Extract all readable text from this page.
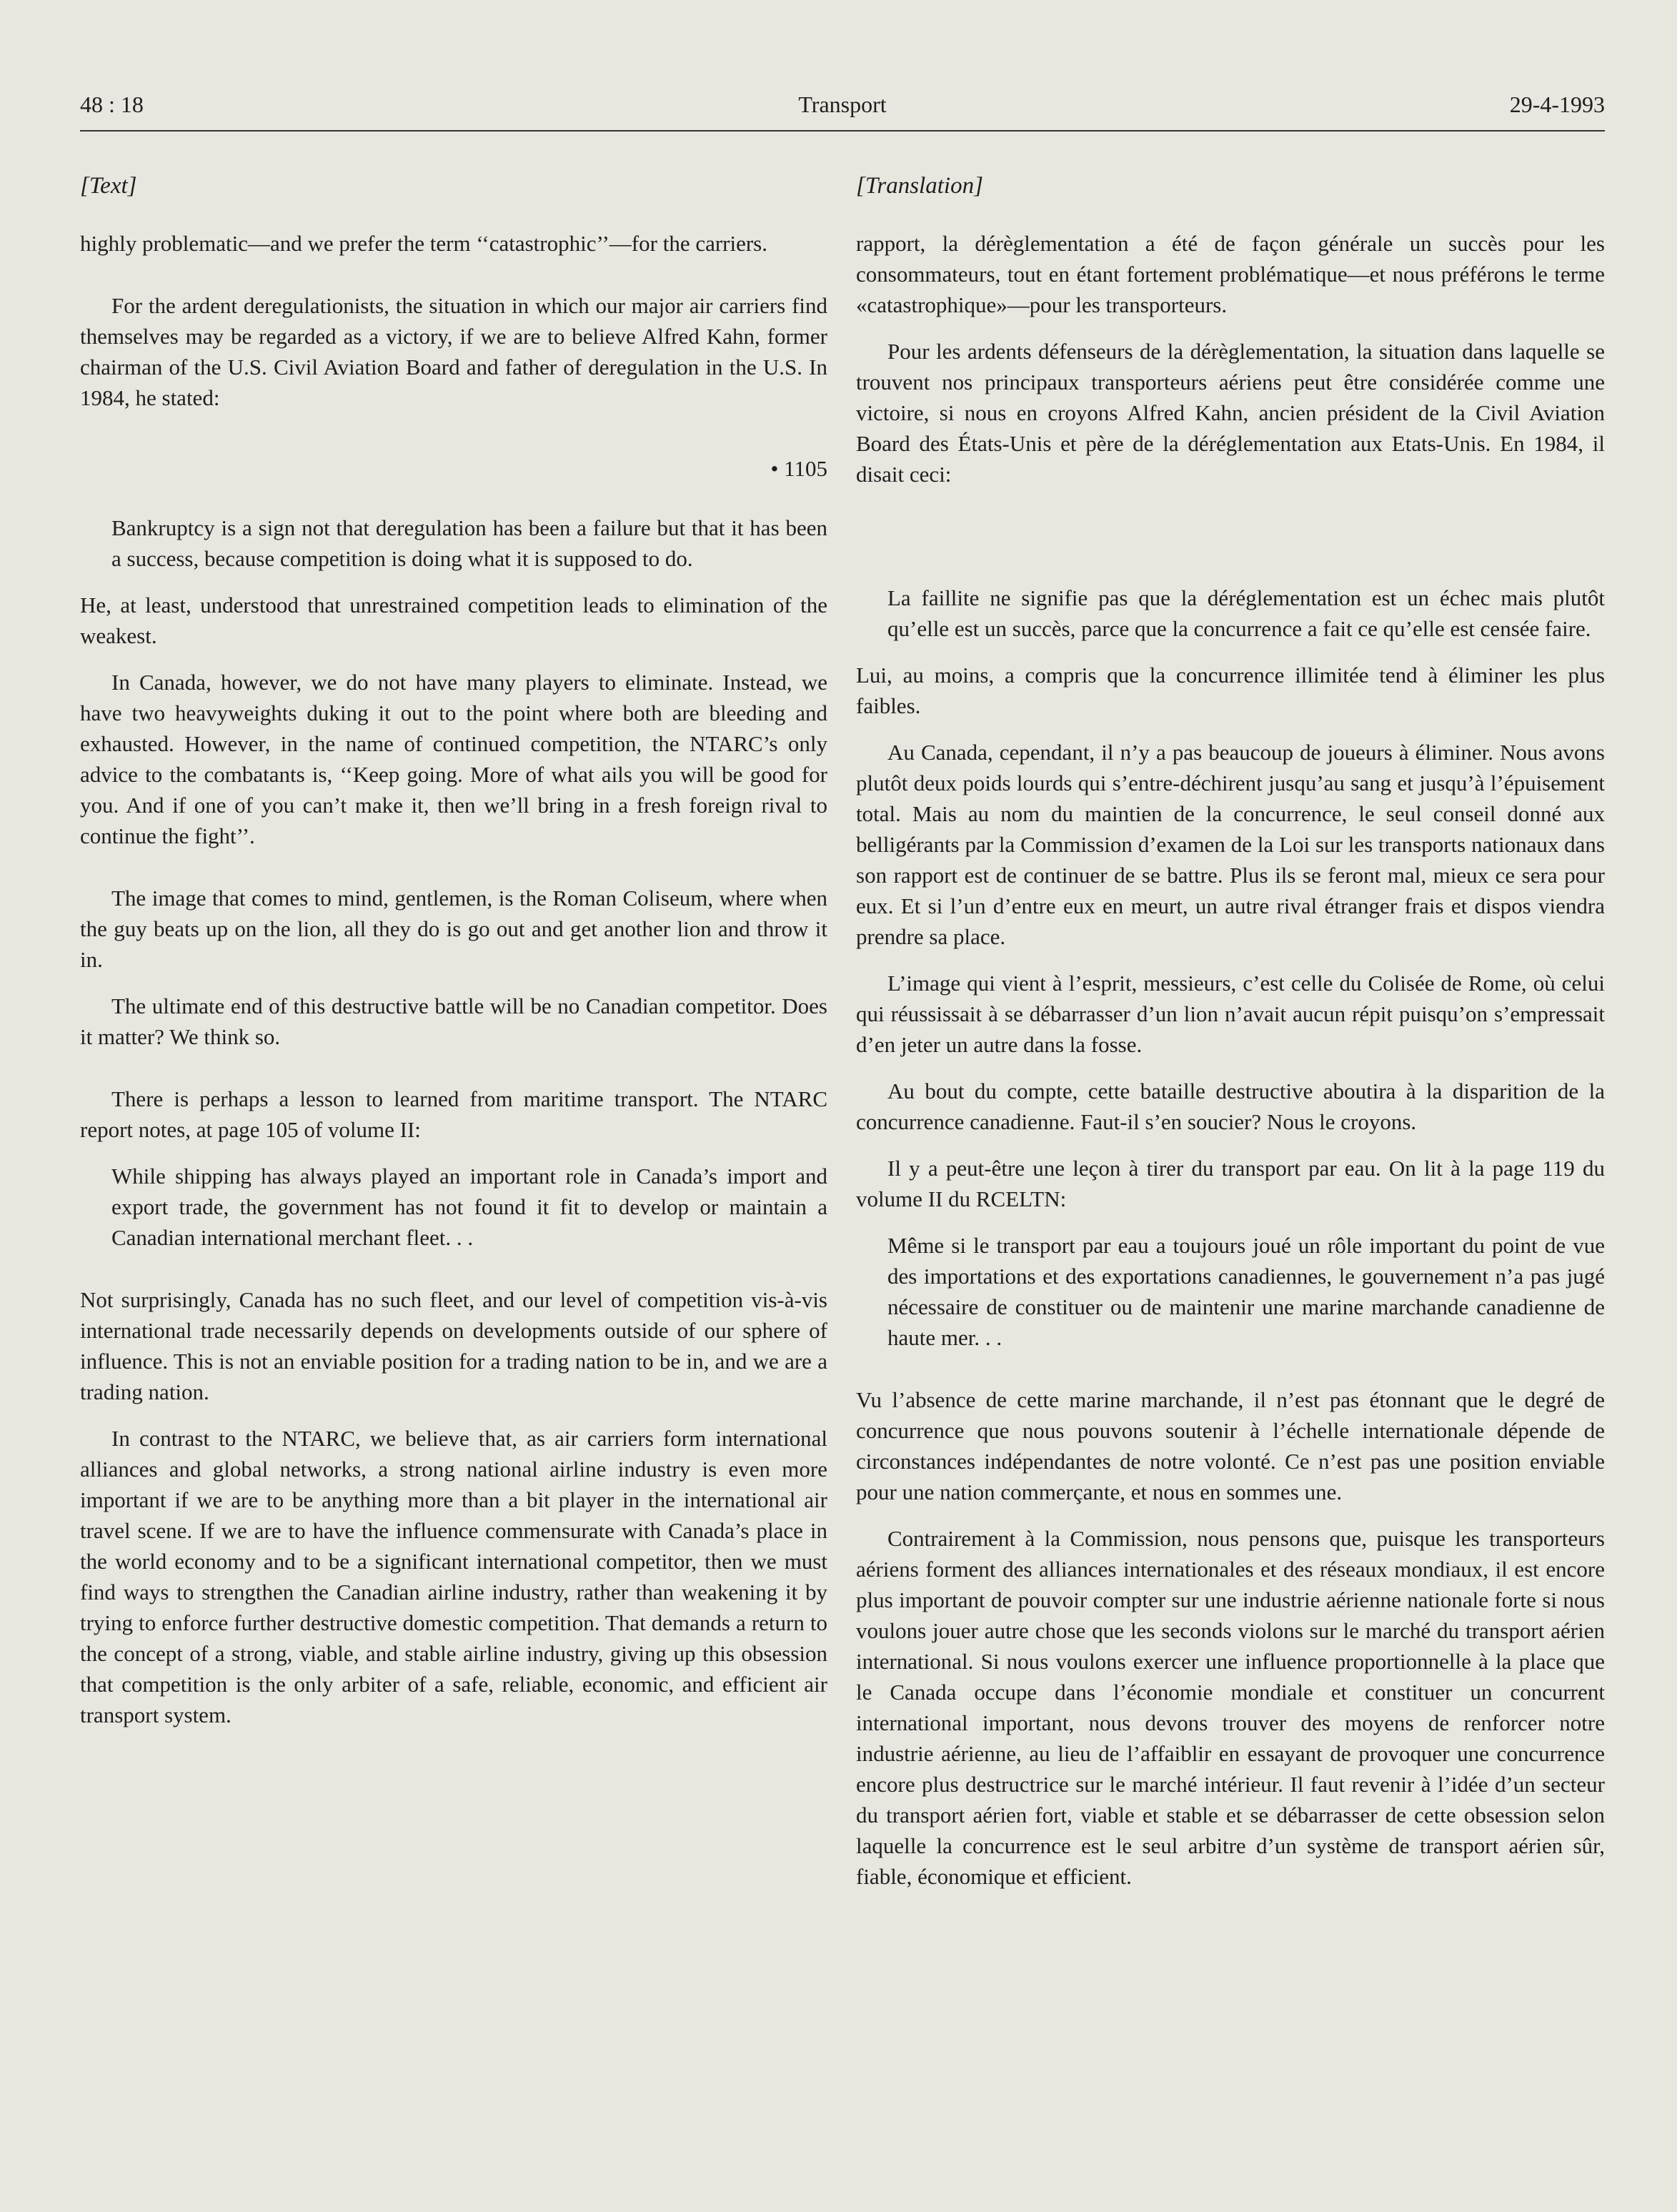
48 : 18	Transport	29-4-1993
[Text]

highly problematic—and we prefer the term ‘‘catastrophic’’—for the carriers.

For the ardent deregulationists, the situation in which our major air carriers find themselves may be regarded as a victory, if we are to believe Alfred Kahn, former chairman of the U.S. Civil Aviation Board and father of deregulation in the U.S. In 1984, he stated:

• 1105

Bankruptcy is a sign not that deregulation has been a failure but that it has been a success, because competition is doing what it is supposed to do.

He, at least, understood that unrestrained competition leads to elimination of the weakest.

In Canada, however, we do not have many players to eliminate. Instead, we have two heavyweights duking it out to the point where both are bleeding and exhausted. However, in the name of continued competition, the NTARC’s only advice to the combatants is, ‘‘Keep going. More of what ails you will be good for you. And if one of you can’t make it, then we’ll bring in a fresh foreign rival to continue the fight’’.

The image that comes to mind, gentlemen, is the Roman Coliseum, where when the guy beats up on the lion, all they do is go out and get another lion and throw it in.

The ultimate end of this destructive battle will be no Canadian competitor. Does it matter? We think so.

There is perhaps a lesson to learned from maritime transport. The NTARC report notes, at page 105 of volume II:

While shipping has always played an important role in Canada’s import and export trade, the government has not found it fit to develop or maintain a Canadian international merchant fleet. . .

Not surprisingly, Canada has no such fleet, and our level of competition vis-à-vis international trade necessarily depends on developments outside of our sphere of influence. This is not an enviable position for a trading nation to be in, and we are a trading nation.

In contrast to the NTARC, we believe that, as air carriers form international alliances and global networks, a strong national airline industry is even more important if we are to be anything more than a bit player in the international air travel scene. If we are to have the influence commensurate with Canada’s place in the world economy and to be a significant international competitor, then we must find ways to strengthen the Canadian airline industry, rather than weakening it by trying to enforce further destructive domestic competition. That demands a return to the concept of a strong, viable, and stable airline industry, giving up this obsession that competition is the only arbiter of a safe, reliable, economic, and efficient air transport system.

[Translation]

rapport, la dérèglementation a été de façon générale un succès pour les consommateurs, tout en étant fortement problématique—et nous préférons le terme «catastrophique»—pour les transporteurs.

Pour les ardents défenseurs de la dérèglementation, la situation dans laquelle se trouvent nos principaux transporteurs aériens peut être considérée comme une victoire, si nous en croyons Alfred Kahn, ancien président de la Civil Aviation Board des États-Unis et père de la déréglementation aux Etats-Unis. En 1984, il disait ceci:

La faillite ne signifie pas que la déréglementation est un échec mais plutôt qu’elle est un succès, parce que la concurrence a fait ce qu’elle est censée faire.

Lui, au moins, a compris que la concurrence illimitée tend à éliminer les plus faibles.

Au Canada, cependant, il n’y a pas beaucoup de joueurs à éliminer. Nous avons plutôt deux poids lourds qui s’entre-déchirent jusqu’au sang et jusqu’à l’épuisement total. Mais au nom du maintien de la concurrence, le seul conseil donné aux belligérants par la Commission d’examen de la Loi sur les transports nationaux dans son rapport est de continuer de se battre. Plus ils se feront mal, mieux ce sera pour eux. Et si l’un d’entre eux en meurt, un autre rival étranger frais et dispos viendra prendre sa place.

L’image qui vient à l’esprit, messieurs, c’est celle du Colisée de Rome, où celui qui réussissait à se débarrasser d’un lion n’avait aucun répit puisqu’on s’empressait d’en jeter un autre dans la fosse.

Au bout du compte, cette bataille destructive aboutira à la disparition de la concurrence canadienne. Faut-il s’en soucier? Nous le croyons.

Il y a peut-être une leçon à tirer du transport par eau. On lit à la page 119 du volume II du RCELTN:

Même si le transport par eau a toujours joué un rôle important du point de vue des importations et des exportations canadiennes, le gouvernement n’a pas jugé nécessaire de constituer ou de maintenir une marine marchande canadienne de haute mer. . .

Vu l’absence de cette marine marchande, il n’est pas étonnant que le degré de concurrence que nous pouvons soutenir à l’échelle internationale dépende de circonstances indépendantes de notre volonté. Ce n’est pas une position enviable pour une nation commerçante, et nous en sommes une.

Contrairement à la Commission, nous pensons que, puisque les transporteurs aériens forment des alliances internationales et des réseaux mondiaux, il est encore plus important de pouvoir compter sur une industrie aérienne nationale forte si nous voulons jouer autre chose que les seconds violons sur le marché du transport aérien international. Si nous voulons exercer une influence proportionnelle à la place que le Canada occupe dans l’économie mondiale et constituer un concurrent international important, nous devons trouver des moyens de renforcer notre industrie aérienne, au lieu de l’affaiblir en essayant de provoquer une concurrence encore plus destructrice sur le marché intérieur. Il faut revenir à l’idée d’un secteur du transport aérien fort, viable et stable et se débarrasser de cette obsession selon laquelle la concurrence est le seul arbitre d’un système de transport aérien sûr, fiable, économique et efficient.
